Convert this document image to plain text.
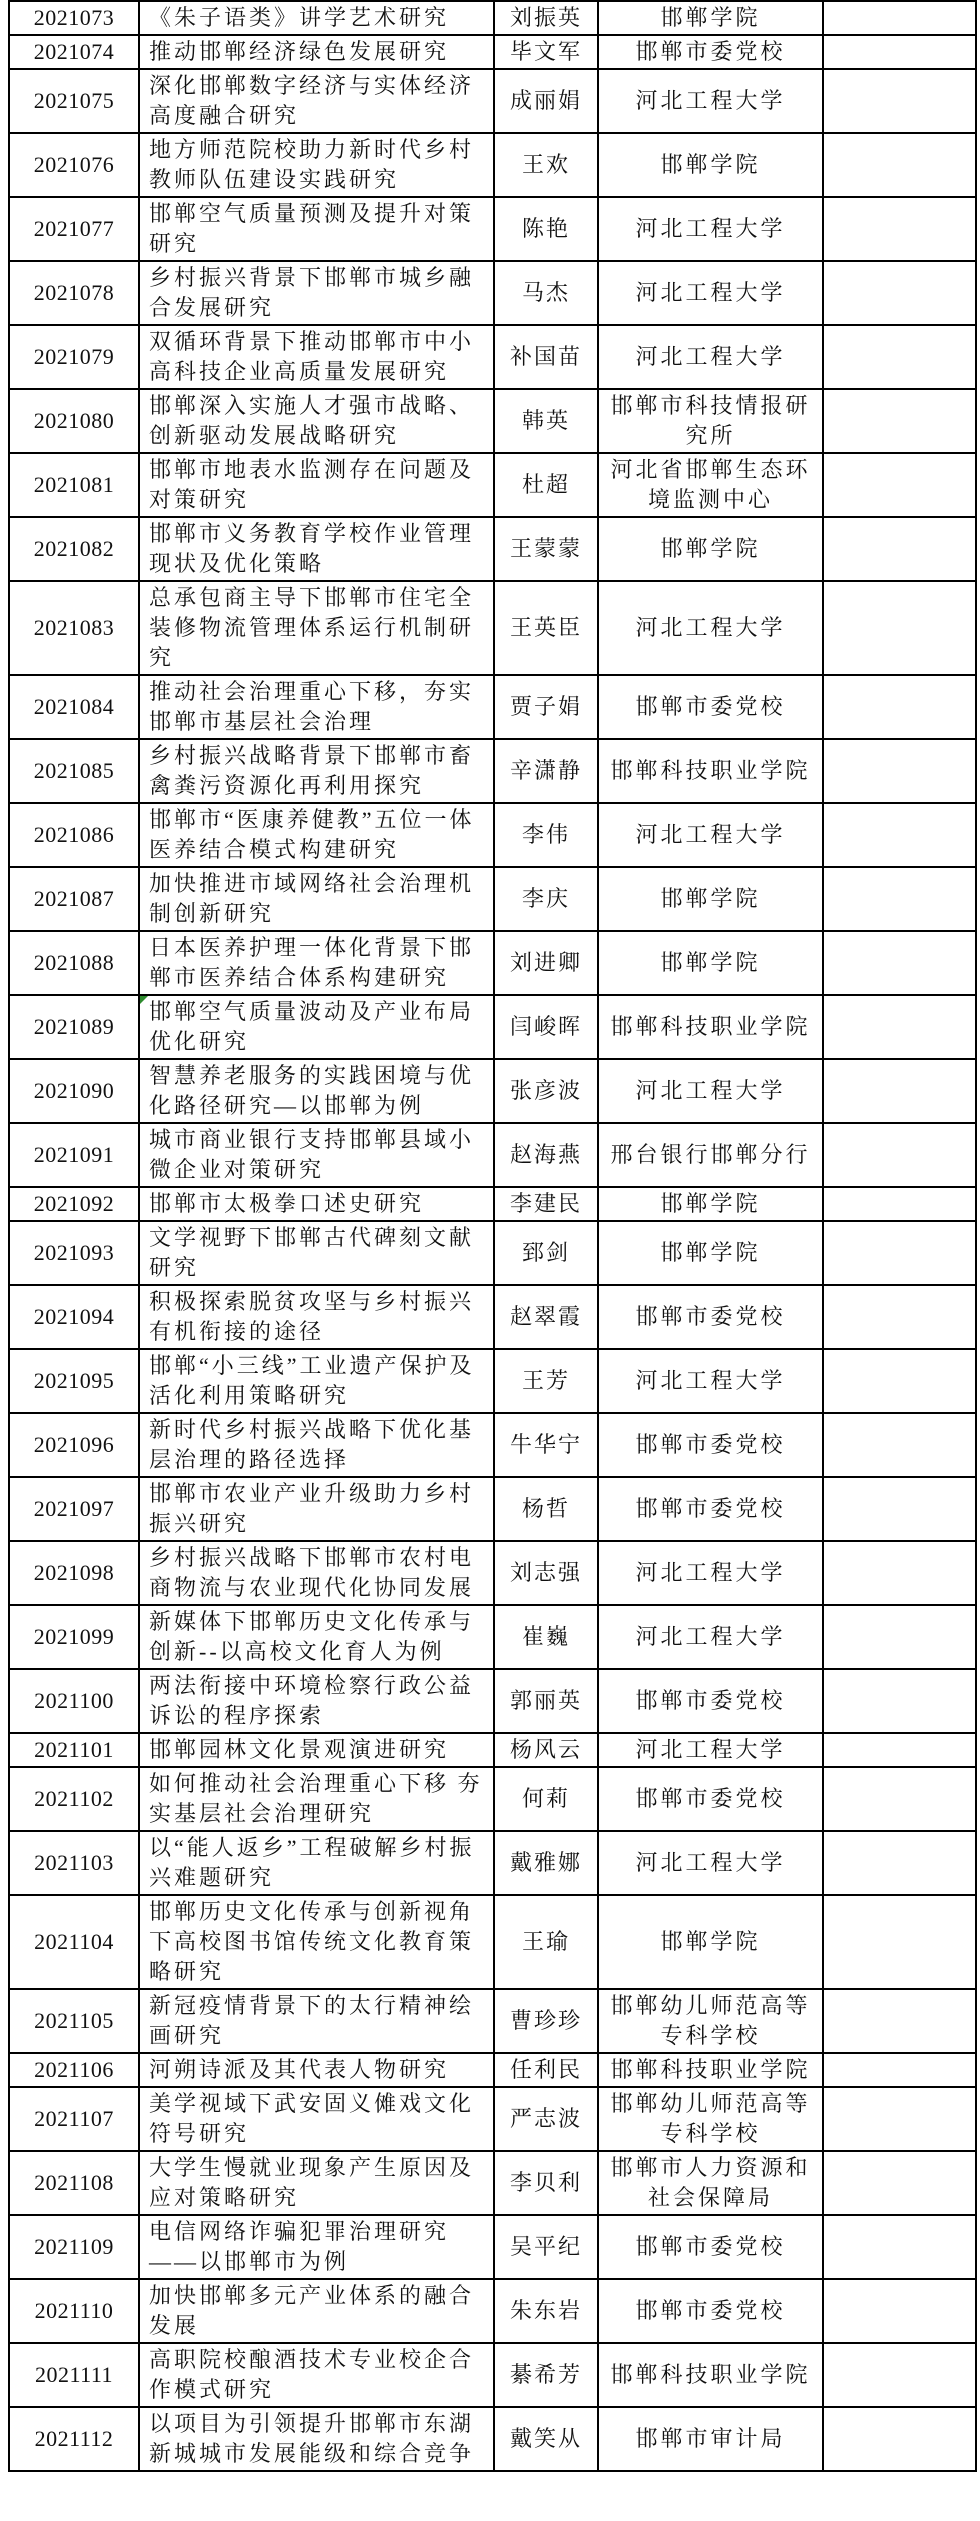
2021073	《朱子语类》讲学艺术研究	刘振英	邯郸学院	
2021074	推动邯郸经济绿色发展研究	毕文军	邯郸市委党校	
2021075	深化邯郸数字经济与实体经济高度融合研究	成丽娟	河北工程大学	
2021076	地方师范院校助力新时代乡村教师队伍建设实践研究	王欢	邯郸学院	
2021077	邯郸空气质量预测及提升对策研究	陈艳	河北工程大学	
2021078	乡村振兴背景下邯郸市城乡融合发展研究	马杰	河北工程大学	
2021079	双循环背景下推动邯郸市中小高科技企业高质量发展研究	补国苗	河北工程大学	
2021080	邯郸深入实施人才强市战略、创新驱动发展战略研究	韩英	邯郸市科技情报研究所	
2021081	邯郸市地表水监测存在问题及对策研究	杜超	河北省邯郸生态环境监测中心	
2021082	邯郸市义务教育学校作业管理现状及优化策略	王蒙蒙	邯郸学院	
2021083	总承包商主导下邯郸市住宅全装修物流管理体系运行机制研究	王英臣	河北工程大学	
2021084	推动社会治理重心下移，夯实邯郸市基层社会治理	贾子娟	邯郸市委党校	
2021085	乡村振兴战略背景下邯郸市畜禽粪污资源化再利用探究	辛潇静	邯郸科技职业学院	
2021086	邯郸市“医康养健教”五位一体医养结合模式构建研究	李伟	河北工程大学	
2021087	加快推进市域网络社会治理机制创新研究	李庆	邯郸学院	
2021088	日本医养护理一体化背景下邯郸市医养结合体系构建研究	刘进卿	邯郸学院	
2021089	邯郸空气质量波动及产业布局优化研究	闫峻晖	邯郸科技职业学院	
2021090	智慧养老服务的实践困境与优化路径研究—以邯郸为例	张彦波	河北工程大学	
2021091	城市商业银行支持邯郸县域小微企业对策研究	赵海燕	邢台银行邯郸分行	
2021092	邯郸市太极拳口述史研究	李建民	邯郸学院	
2021093	文学视野下邯郸古代碑刻文献研究	郅剑	邯郸学院	
2021094	积极探索脱贫攻坚与乡村振兴有机衔接的途径	赵翠霞	邯郸市委党校	
2021095	邯郸“小三线”工业遗产保护及活化利用策略研究	王芳	河北工程大学	
2021096	新时代乡村振兴战略下优化基层治理的路径选择	牛华宁	邯郸市委党校	
2021097	邯郸市农业产业升级助力乡村振兴研究	杨哲	邯郸市委党校	
2021098	乡村振兴战略下邯郸市农村电商物流与农业现代化协同发展	刘志强	河北工程大学	
2021099	新媒体下邯郸历史文化传承与创新--以高校文化育人为例	崔巍	河北工程大学	
2021100	两法衔接中环境检察行政公益诉讼的程序探索	郭丽英	邯郸市委党校	
2021101	邯郸园林文化景观演进研究	杨风云	河北工程大学	
2021102	如何推动社会治理重心下移 夯实基层社会治理研究	何莉	邯郸市委党校	
2021103	以“能人返乡”工程破解乡村振兴难题研究	戴雅娜	河北工程大学	
2021104	邯郸历史文化传承与创新视角下高校图书馆传统文化教育策略研究	王瑜	邯郸学院	
2021105	新冠疫情背景下的太行精神绘画研究	曹珍珍	邯郸幼儿师范高等专科学校	
2021106	河朔诗派及其代表人物研究	任利民	邯郸科技职业学院	
2021107	美学视域下武安固义傩戏文化符号研究	严志波	邯郸幼儿师范高等专科学校	
2021108	大学生慢就业现象产生原因及应对策略研究	李贝利	邯郸市人力资源和社会保障局	
2021109	电信网络诈骗犯罪治理研究——以邯郸市为例	吴平纪	邯郸市委党校	
2021110	加快邯郸多元产业体系的融合发展	朱东岩	邯郸市委党校	
2021111	高职院校酿酒技术专业校企合作模式研究	綦希芳	邯郸科技职业学院	
2021112	以项目为引领提升邯郸市东湖新城城市发展能级和综合竞争	戴笑从	邯郸市审计局	
